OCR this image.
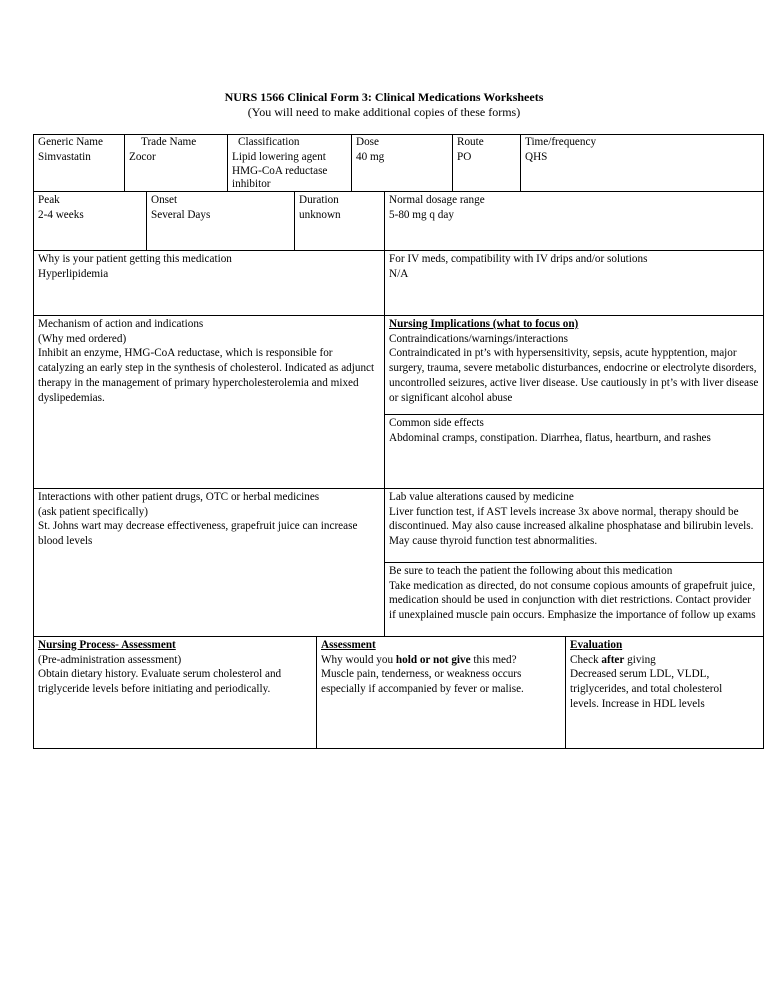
NURS 1566 Clinical Form 3: Clinical Medications Worksheets
(You will need to make additional copies of these forms)
Generic Name
Simvastatin
Trade Name
Zocor
Classification
Lipid lowering agent
HMG-CoA reductase
inhibitor
Dose
40 mg
Route
PO
Time/frequency
QHS
Peak
2-4 weeks
Onset
Several Days
Duration
unknown
Normal dosage range
5-80 mg q day
Why is your patient getting this medication
Hyperlipidemia
For IV meds, compatibility with IV drips and/or solutions
N/A
Mechanism of action and indications
(Why med ordered)
Inhibit an enzyme, HMG-CoA reductase, which is responsible for catalyzing an early step in the synthesis of cholesterol. Indicated as adjunct therapy in the management of primary hypercholesterolemia and mixed dyslipedemias.
Nursing Implications (what to focus on)
Contraindications/warnings/interactions
Contraindicated in pt’s with hypersensitivity, sepsis, acute hypptention, major surgery, trauma, severe metabolic disturbances, endocrine or electrolyte disorders, uncontrolled seizures, active liver disease. Use cautiously in pt’s with liver disease or significant alcohol abuse
Common side effects
Abdominal cramps, constipation. Diarrhea, flatus, heartburn, and rashes
Interactions with other patient drugs, OTC or herbal medicines
(ask patient specifically)
St. Johns wart may decrease effectiveness, grapefruit juice can increase blood levels
Lab value alterations caused by medicine
Liver function test, if AST levels increase 3x above normal, therapy should be discontinued. May also cause increased alkaline phosphatase and bilirubin levels. May cause thyroid function test abnormalities.
Be sure to teach the patient the following about this medication
Take medication as directed, do not consume copious amounts of grapefruit juice, medication should be used in conjunction with diet restrictions. Contact provider if unexplained muscle pain occurs. Emphasize the importance of follow up exams
Nursing Process- Assessment
(Pre-administration assessment)
Obtain dietary history. Evaluate serum cholesterol and triglyceride levels before initiating and periodically.
Assessment
Why would you hold or not give this med?
Muscle pain, tenderness, or weakness occurs especially if accompanied by fever or malise.
Evaluation
Check after giving
Decreased serum LDL, VLDL, triglycerides, and total cholesterol levels. Increase in HDL levels
